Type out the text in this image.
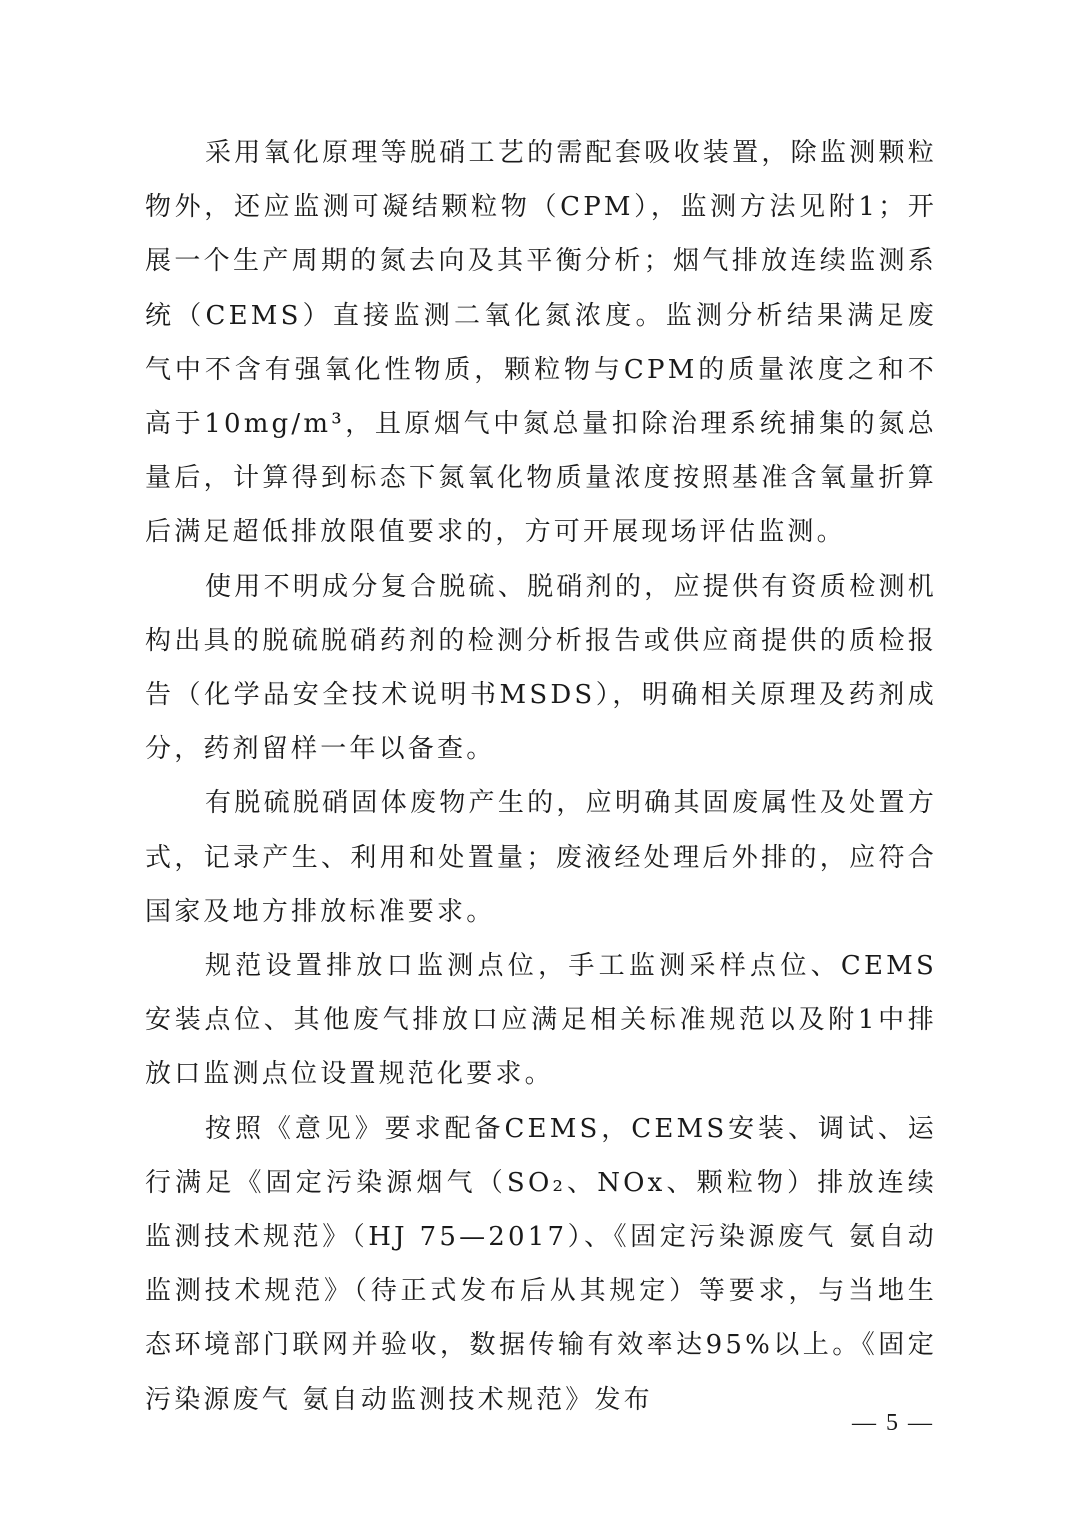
采用氧化原理等脱硝工艺的需配套吸收装置，除监测颗粒物外，还应监测可凝结颗粒物（CPM），监测方法见附1；开展一个生产周期的氮去向及其平衡分析；烟气排放连续监测系统（CEMS）直接监测二氧化氮浓度。监测分析结果满足废气中不含有强氧化性物质，颗粒物与CPM的质量浓度之和不高于10mg/m³，且原烟气中氮总量扣除治理系统捕集的氮总量后，计算得到标态下氮氧化物质量浓度按照基准含氧量折算后满足超低排放限值要求的，方可开展现场评估监测。

使用不明成分复合脱硫、脱硝剂的，应提供有资质检测机构出具的脱硫脱硝药剂的检测分析报告或供应商提供的质检报告（化学品安全技术说明书MSDS），明确相关原理及药剂成分，药剂留样一年以备查。

有脱硫脱硝固体废物产生的，应明确其固废属性及处置方式，记录产生、利用和处置量；废液经处理后外排的，应符合国家及地方排放标准要求。

规范设置排放口监测点位，手工监测采样点位、CEMS安装点位、其他废气排放口应满足相关标准规范以及附1中排放口监测点位设置规范化要求。

按照《意见》要求配备CEMS，CEMS安装、调试、运行满足《固定污染源烟气（SO₂、NOx、颗粒物）排放连续监测技术规范》（HJ 75—2017）、《固定污染源废气 氨自动监测技术规范》（待正式发布后从其规定）等要求，与当地生态环境部门联网并验收，数据传输有效率达95%以上。《固定污染源废气 氨自动监测技术规范》发布

— 5 —
